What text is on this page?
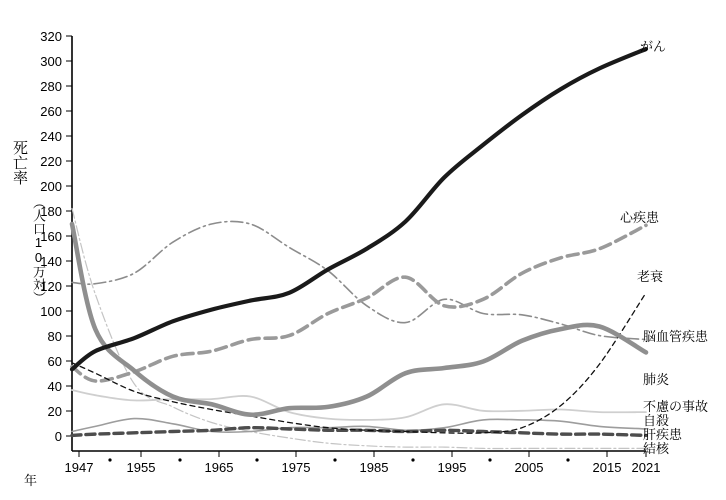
死亡率
（人口10万対）
年
320
300
280
260
240
220
200
180
160
140
120
100
80
60
40
20
0
1947	1955	1965	1975	1985	1995	2005	2015 2021
がん
心疾患
老衰
脳血管疾患
肺炎
不慮の事故
自殺
肝疾患
結核
